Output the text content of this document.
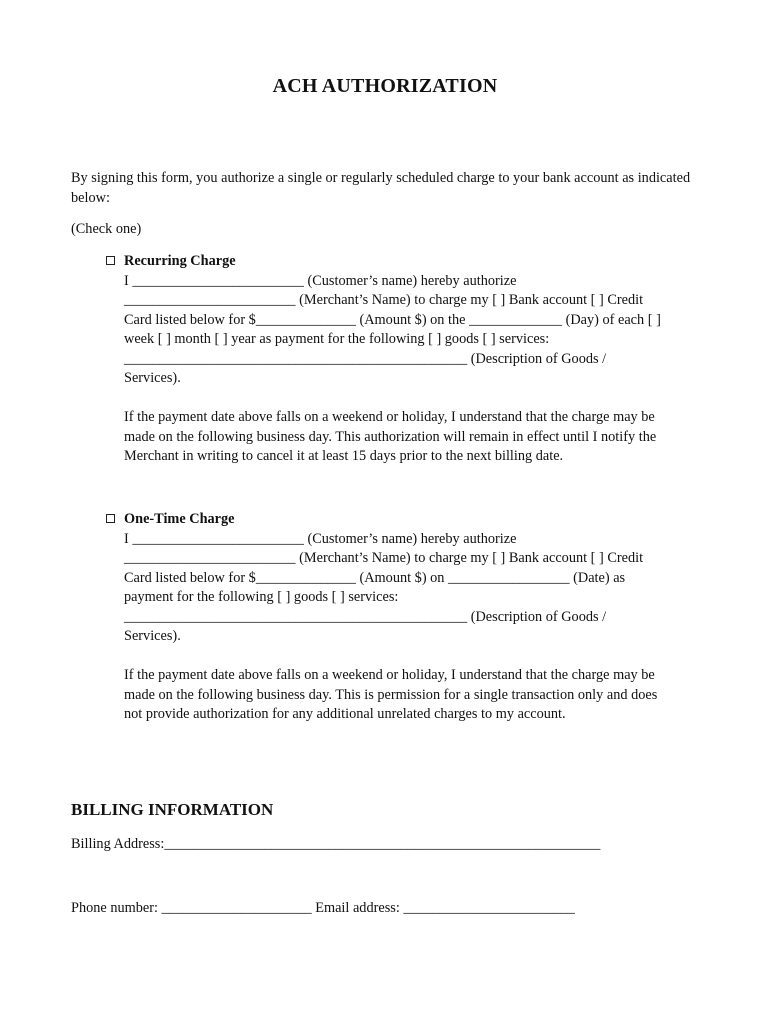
ACH AUTHORIZATION
By signing this form, you authorize a single or regularly scheduled charge to your bank account as indicated below:
(Check one)
Recurring Charge
I ________________________ (Customer’s name) hereby authorize
________________________ (Merchant’s Name) to charge my [ ] Bank account [ ] Credit
Card listed below for $______________ (Amount $) on the _____________ (Day) of each [ ]
week [ ] month [ ] year as payment for the following [ ] goods [ ] services:
________________________________________________ (Description of Goods /
Services).
If the payment date above falls on a weekend or holiday, I understand that the charge may be
made on the following business day. This authorization will remain in effect until I notify the
Merchant in writing to cancel it at least 15 days prior to the next billing date.
One-Time Charge
I ________________________ (Customer’s name) hereby authorize
________________________ (Merchant’s Name) to charge my [ ] Bank account [ ] Credit
Card listed below for $______________ (Amount $) on _________________ (Date) as
payment for the following [ ] goods [ ] services:
________________________________________________ (Description of Goods /
Services).
If the payment date above falls on a weekend or holiday, I understand that the charge may be
made on the following business day. This is permission for a single transaction only and does
not provide authorization for any additional unrelated charges to my account.
BILLING INFORMATION
Billing Address:_____________________________________________________________
Phone number: _____________________ Email address: ________________________
